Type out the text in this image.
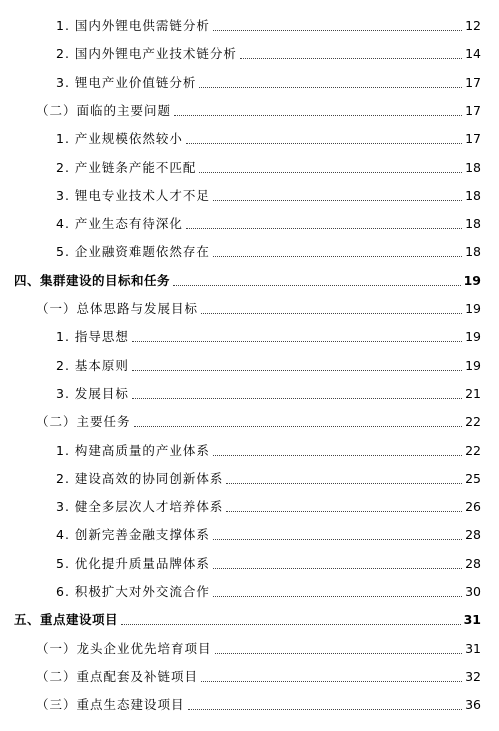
1. 国内外锂电供需链分析	12
2. 国内外锂电产业技术链分析	14
3. 锂电产业价值链分析	17
（二）面临的主要问题	17
1. 产业规模依然较小	17
2. 产业链条产能不匹配	18
3. 锂电专业技术人才不足	18
4. 产业生态有待深化	18
5. 企业融资难题依然存在	18
四、集群建设的目标和任务	19
（一）总体思路与发展目标	19
1. 指导思想	19
2. 基本原则	19
3. 发展目标	21
（二）主要任务	22
1. 构建高质量的产业体系	22
2. 建设高效的协同创新体系	25
3. 健全多层次人才培养体系	26
4. 创新完善金融支撑体系	28
5. 优化提升质量品牌体系	28
6. 积极扩大对外交流合作	30
五、重点建设项目	31
（一）龙头企业优先培育项目	31
（二）重点配套及补链项目	32
（三）重点生态建设项目	36
